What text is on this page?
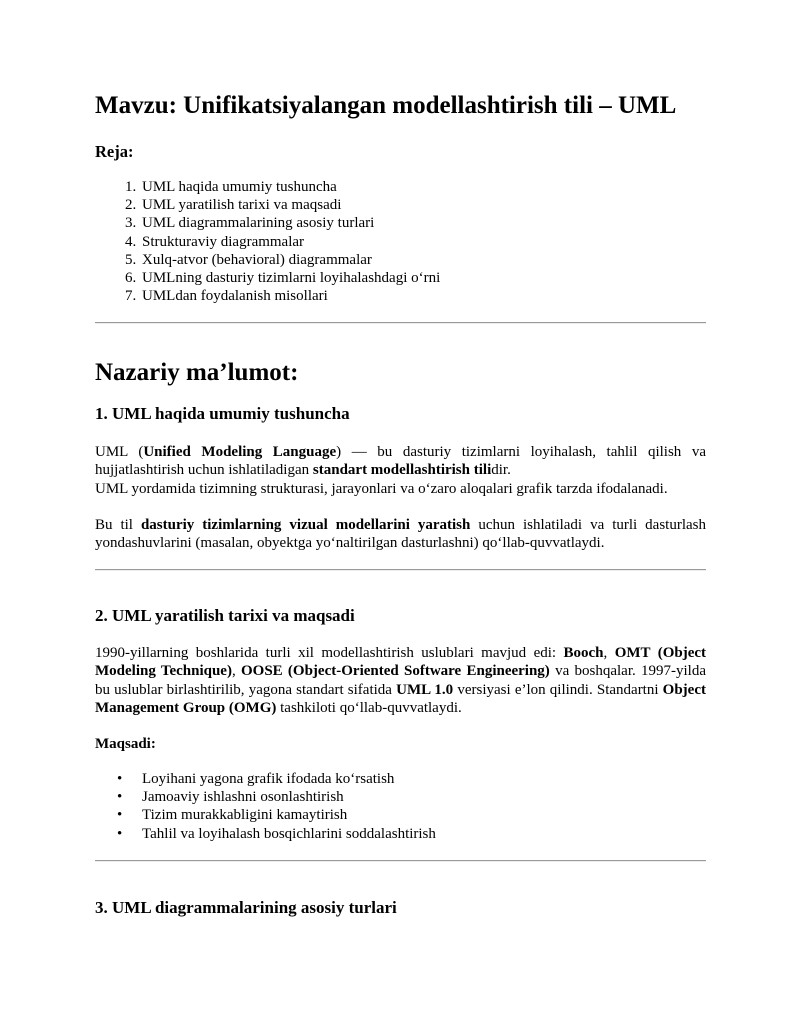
Mavzu: Unifikatsiyalangan modellashtirish tili – UML
Reja:
1. UML haqida umumiy tushuncha
2. UML yaratilish tarixi va maqsadi
3. UML diagrammalarining asosiy turlari
4. Strukturaviy diagrammalar
5. Xulq-atvor (behavioral) diagrammalar
6. UMLning dasturiy tizimlarni loyihalashdagi o‘rni
7. UMLdan foydalanish misollari
Nazariy ma’lumot:
1. UML haqida umumiy tushuncha

UML (Unified Modeling Language) — bu dasturiy tizimlarni loyihalash, tahlil qilish va hujjatlashtirish uchun ishlatiladigan standart modellashtirish tilidir.
UML yordamida tizimning strukturasi, jarayonlari va o‘zaro aloqalari grafik tarzda ifodalanadi.

Bu til dasturiy tizimlarning vizual modellarini yaratish uchun ishlatiladi va turli dasturlash yondashuvlarini (masalan, obyektga yo‘naltirilgan dasturlashni) qo‘llab-quvvatlaydi.

2. UML yaratilish tarixi va maqsadi

1990-yillarning boshlarida turli xil modellashtirish uslublari mavjud edi: Booch, OMT (Object Modeling Technique), OOSE (Object-Oriented Software Engineering) va boshqalar. 1997-yilda bu uslublar birlashtirilib, yagona standart sifatida UML 1.0 versiyasi e’lon qilindi. Standartni Object Management Group (OMG) tashkiloti qo‘llab-quvvatlaydi.

Maqsadi:
• Loyihani yagona grafik ifodada ko‘rsatish
• Jamoaviy ishlashni osonlashtirish
• Tizim murakkabligini kamaytirish
• Tahlil va loyihalash bosqichlarini soddalashtirish
3. UML diagrammalarining asosiy turlari
